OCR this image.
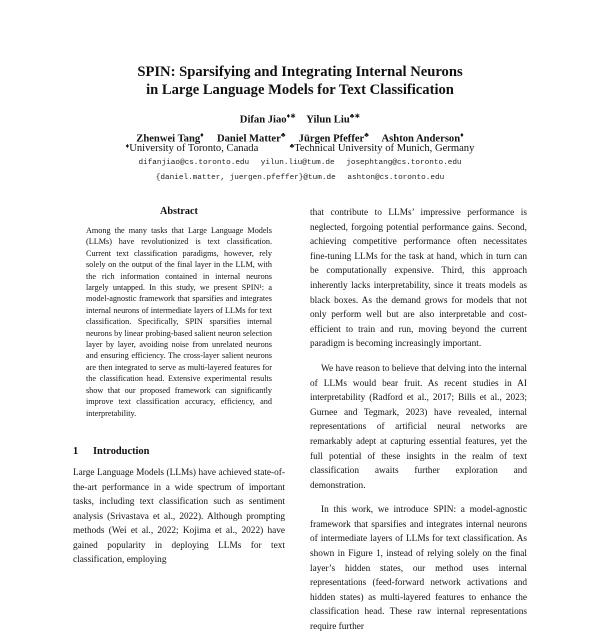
SPIN: Sparsifying and Integrating Internal Neurons
in Large Language Models for Text Classification
Difan Jiao♦∗ Yilun Liu♣∗
Zhenwei Tang♦ Daniel Matter♣ Jürgen Pfeffer♣ Ashton Anderson♦
♦University of Toronto, Canada	♣Technical University of Munich, Germany
difanjiao@cs.toronto.edu yilun.liu@tum.de josephtang@cs.toronto.edu
{daniel.matter, juergen.pfeffer}@tum.de ashton@cs.toronto.edu
Abstract

Among the many tasks that Large Language Models (LLMs) have revolutionized is text classification. Current text classification paradigms, however, rely solely on the output of the final layer in the LLM, with the rich information contained in internal neurons largely untapped. In this study, we present SPIN¹: a model-agnostic framework that sparsifies and integrates internal neurons of intermediate layers of LLMs for text classification. Specifically, SPIN sparsifies internal neurons by linear probing-based salient neuron selection layer by layer, avoiding noise from unrelated neurons and ensuring efficiency. The cross-layer salient neurons are then integrated to serve as multi-layered features for the classification head. Extensive experimental results show that our proposed framework can significantly improve text classification accuracy, efficiency, and interpretability.

1 Introduction

Large Language Models (LLMs) have achieved state-of-the-art performance in a wide spectrum of important tasks, including text classification such as sentiment analysis (Srivastava et al., 2022). Although prompting methods (Wei et al., 2022; Kojima et al., 2022) have gained popularity in deploying LLMs for text classification, employing

that contribute to LLMs’ impressive performance is neglected, forgoing potential performance gains. Second, achieving competitive performance often necessitates fine-tuning LLMs for the task at hand, which in turn can be computationally expensive. Third, this approach inherently lacks interpretability, since it treats models as black boxes. As the demand grows for models that not only perform well but are also interpretable and cost-efficient to train and run, moving beyond the current paradigm is becoming increasingly important.

We have reason to believe that delving into the internal of LLMs would bear fruit. As recent studies in AI interpretability (Radford et al., 2017; Bills et al., 2023; Gurnee and Tegmark, 2023) have revealed, internal representations of artificial neural networks are remarkably adept at capturing essential features, yet the full potential of these insights in the realm of text classification awaits further exploration and demonstration.

In this work, we introduce SPIN: a model-agnostic framework that sparsifies and integrates internal neurons of intermediate layers of LLMs for text classification. As shown in Figure 1, instead of relying solely on the final layer’s hidden states, our method uses internal representations (feed-forward network activations and hidden states) as multi-layered features to enhance the classification head. These raw internal representations require further
